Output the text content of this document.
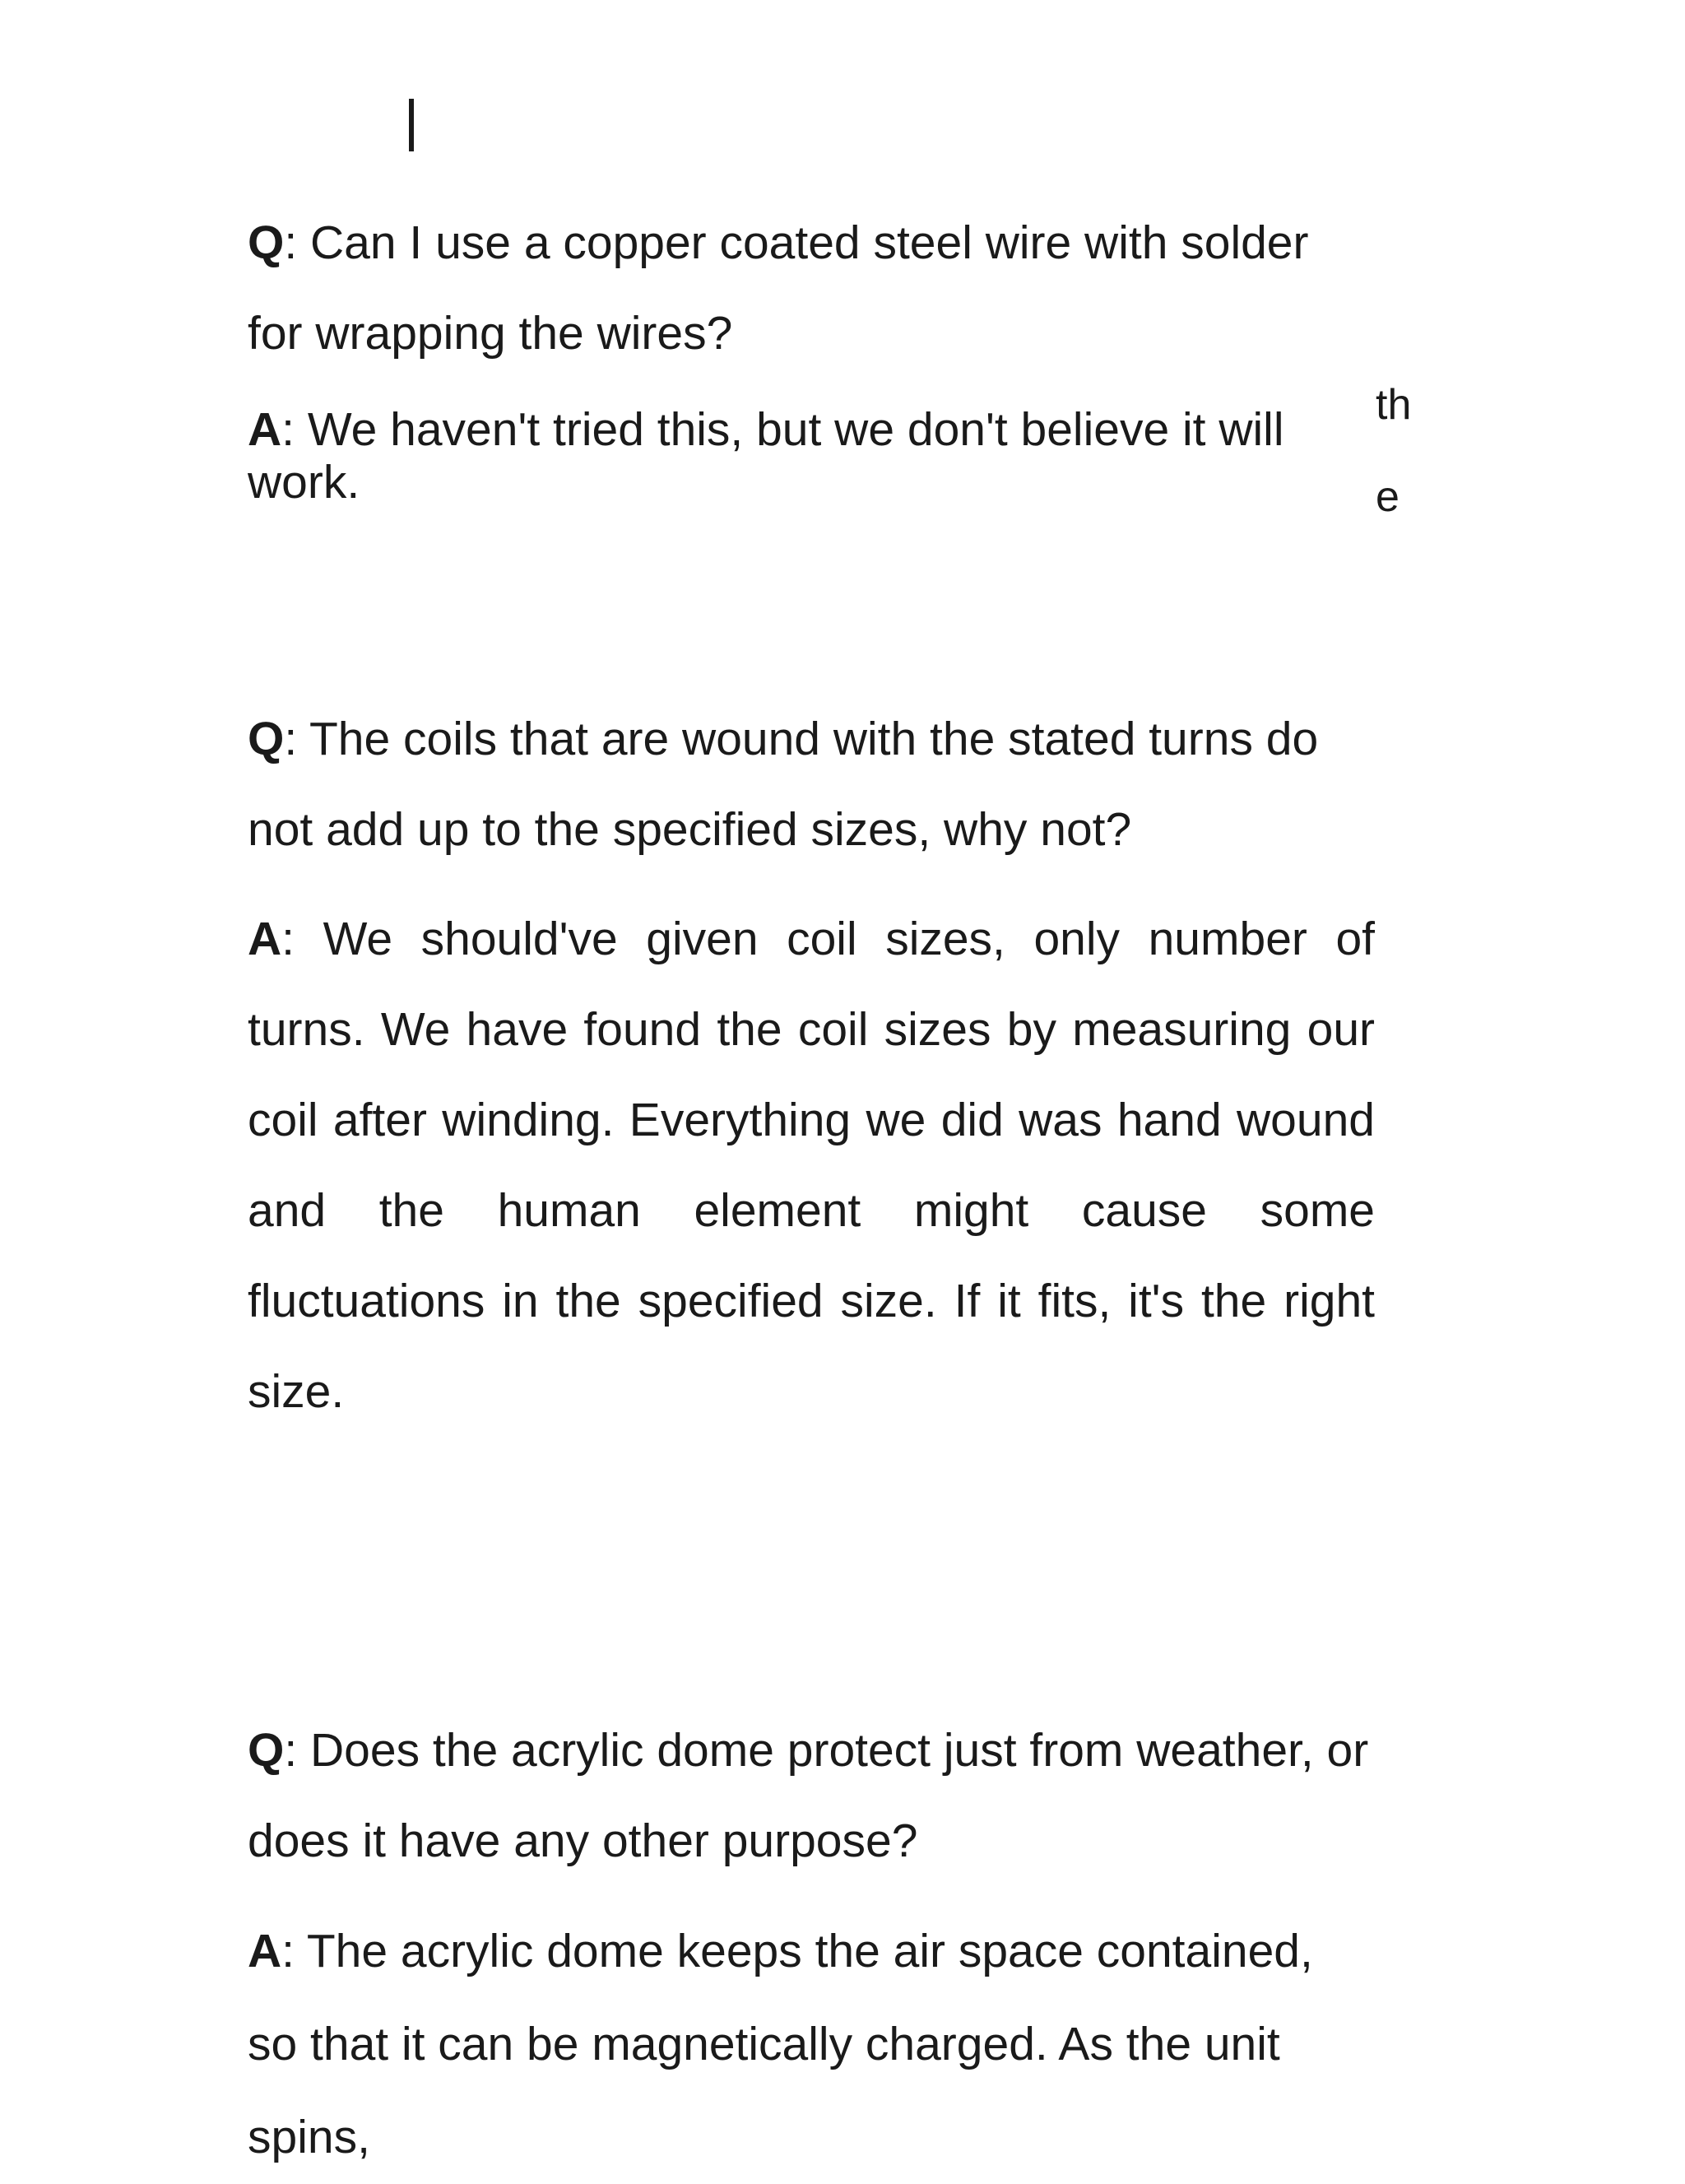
Q: Can I use a copper coated steel wire with solder for wrapping the wires?

A: We haven't tried this, but we don't believe it will work.

th
e

Q: The coils that are wound with the stated turns do not add up to the specified sizes, why not?

A: We should've given coil sizes, only number of turns. We have found the coil sizes by measuring our coil after winding. Everything we did was hand wound and the human element might cause some fluctuations in the specified size. If it fits, it's the right size.

Q: Does the acrylic dome protect just from weather, or does it have any other purpose?

A: The acrylic dome keeps the air space contained, so that it can be magnetically charged. As the unit spins,
